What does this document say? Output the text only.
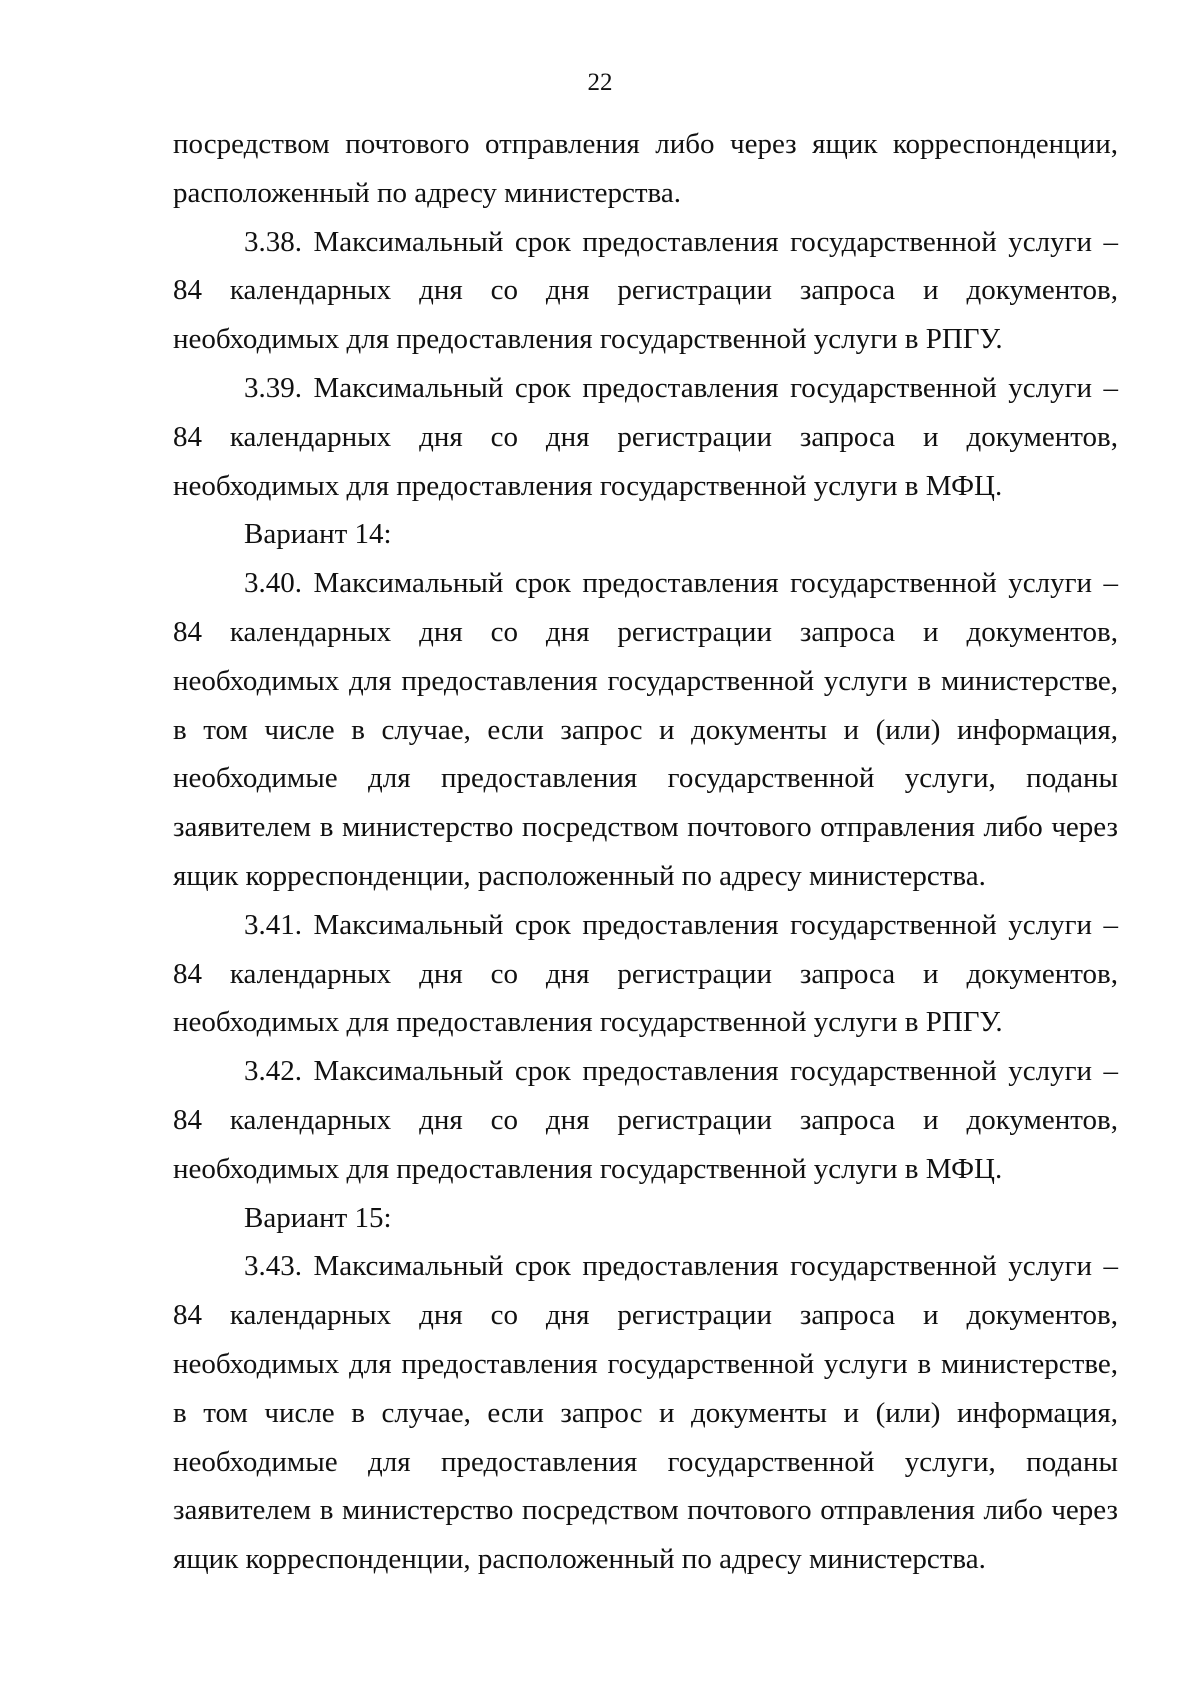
22

посредством почтового отправления либо через ящик корреспонденции, расположенный по адресу министерства.

3.38. Максимальный срок предоставления государственной услуги – 84 календарных дня со дня регистрации запроса и документов, необходимых для предоставления государственной услуги в РПГУ.

3.39. Максимальный срок предоставления государственной услуги – 84 календарных дня со дня регистрации запроса и документов, необходимых для предоставления государственной услуги в МФЦ.

Вариант 14:

3.40. Максимальный срок предоставления государственной услуги – 84 календарных дня со дня регистрации запроса и документов, необходимых для предоставления государственной услуги в министерстве, в том числе в случае, если запрос и документы и (или) информация, необходимые для предоставления государственной услуги, поданы заявителем в министерство посредством почтового отправления либо через ящик корреспонденции, расположенный по адресу министерства.

3.41. Максимальный срок предоставления государственной услуги – 84 календарных дня со дня регистрации запроса и документов, необходимых для предоставления государственной услуги в РПГУ.

3.42. Максимальный срок предоставления государственной услуги – 84 календарных дня со дня регистрации запроса и документов, необходимых для предоставления государственной услуги в МФЦ.

Вариант 15:

3.43. Максимальный срок предоставления государственной услуги – 84 календарных дня со дня регистрации запроса и документов, необходимых для предоставления государственной услуги в министерстве, в том числе в случае, если запрос и документы и (или) информация, необходимые для предоставления государственной услуги, поданы заявителем в министерство посредством почтового отправления либо через ящик корреспонденции, расположенный по адресу министерства.
